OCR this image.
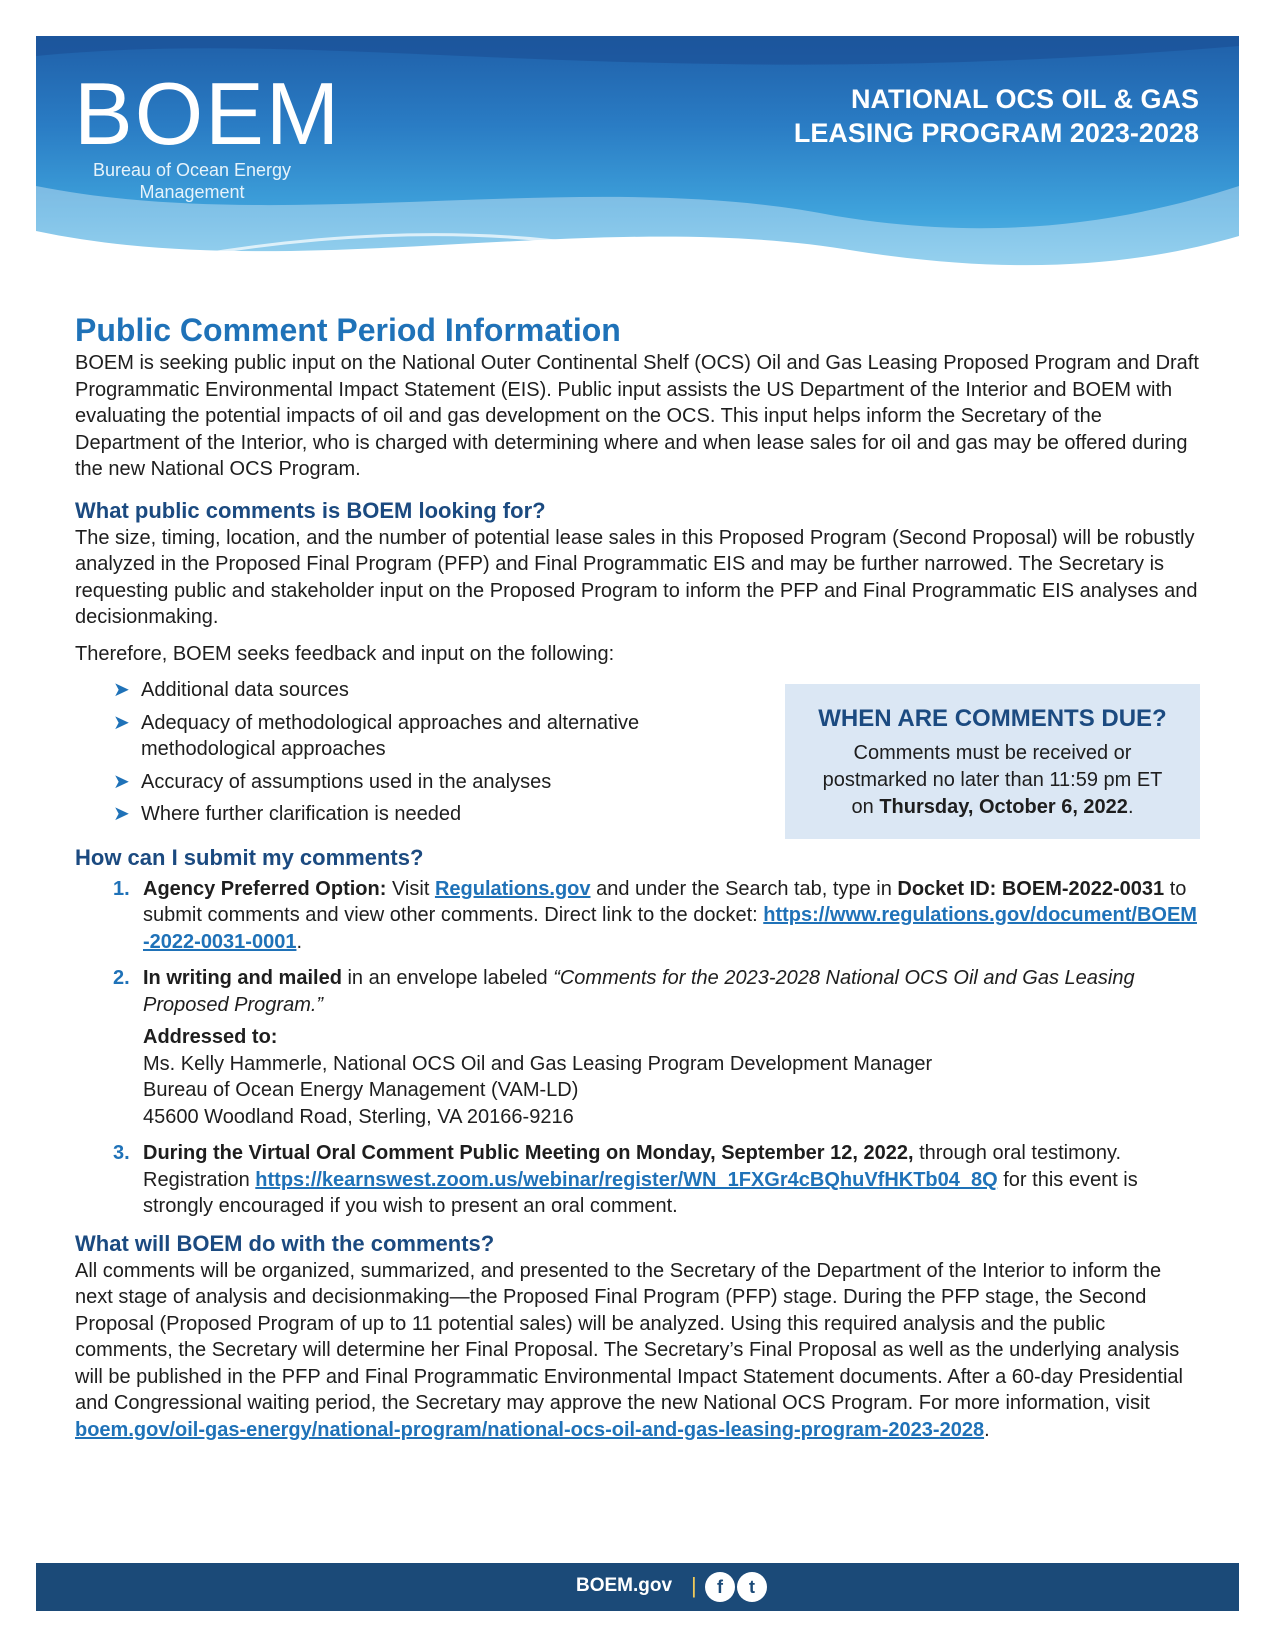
BOEM
Bureau of Ocean Energy
Management
NATIONAL OCS OIL & GAS
LEASING PROGRAM 2023-2028
Public Comment Period Information

BOEM is seeking public input on the National Outer Continental Shelf (OCS) Oil and Gas Leasing Proposed Program and Draft Programmatic Environmental Impact Statement (EIS). Public input assists the US Department of the Interior and BOEM with evaluating the potential impacts of oil and gas development on the OCS. This input helps inform the Secretary of the Department of the Interior, who is charged with determining where and when lease sales for oil and gas may be offered during the new National OCS Program.

What public comments is BOEM looking for?

The size, timing, location, and the number of potential lease sales in this Proposed Program (Second Proposal) will be robustly analyzed in the Proposed Final Program (PFP) and Final Programmatic EIS and may be further narrowed. The Secretary is requesting public and stakeholder input on the Proposed Program to inform the PFP and Final Programmatic EIS analyses and decisionmaking.

Therefore, BOEM seeks feedback and input on the following:

➤ Additional data sources
➤ Adequacy of methodological approaches and alternative methodological approaches
➤ Accuracy of assumptions used in the analyses
➤ Where further clarification is needed
How can I submit my comments?
1. Agency Preferred Option: Visit Regulations.gov and under the Search tab, type in Docket ID: BOEM-2022-0031 to submit comments and view other comments. Direct link to the docket: https://www.regulations.gov/document/BOEM-2022-0031-0001.
2. In writing and mailed in an envelope labeled “Comments for the 2023-2028 National OCS Oil and Gas Leasing Proposed Program.”
Addressed to:
Ms. Kelly Hammerle, National OCS Oil and Gas Leasing Program Development Manager
Bureau of Ocean Energy Management (VAM-LD)
45600 Woodland Road, Sterling, VA 20166-9216
3. During the Virtual Oral Comment Public Meeting on Monday, September 12, 2022, through oral testimony. Registration https://kearnswest.zoom.us/webinar/register/WN_1FXGr4cBQhuVfHKTb04_8Q for this event is strongly encouraged if you wish to present an oral comment.
What will BOEM do with the comments?

All comments will be organized, summarized, and presented to the Secretary of the Department of the Interior to inform the next stage of analysis and decisionmaking—the Proposed Final Program (PFP) stage. During the PFP stage, the Second Proposal (Proposed Program of up to 11 potential sales) will be analyzed. Using this required analysis and the public comments, the Secretary will determine her Final Proposal. The Secretary’s Final Proposal as well as the underlying analysis will be published in the PFP and Final Programmatic Environmental Impact Statement documents. After a 60-day Presidential and Congressional waiting period, the Secretary may approve the new National OCS Program. For more information, visit boem.gov/oil-gas-energy/national-program/national-ocs-oil-and-gas-leasing-program-2023-2028.

WHEN ARE COMMENTS DUE?

Comments must be received or

postmarked no later than 11:59 pm ET

on Thursday, October 6, 2022.

BOEM.gov |	f	t
